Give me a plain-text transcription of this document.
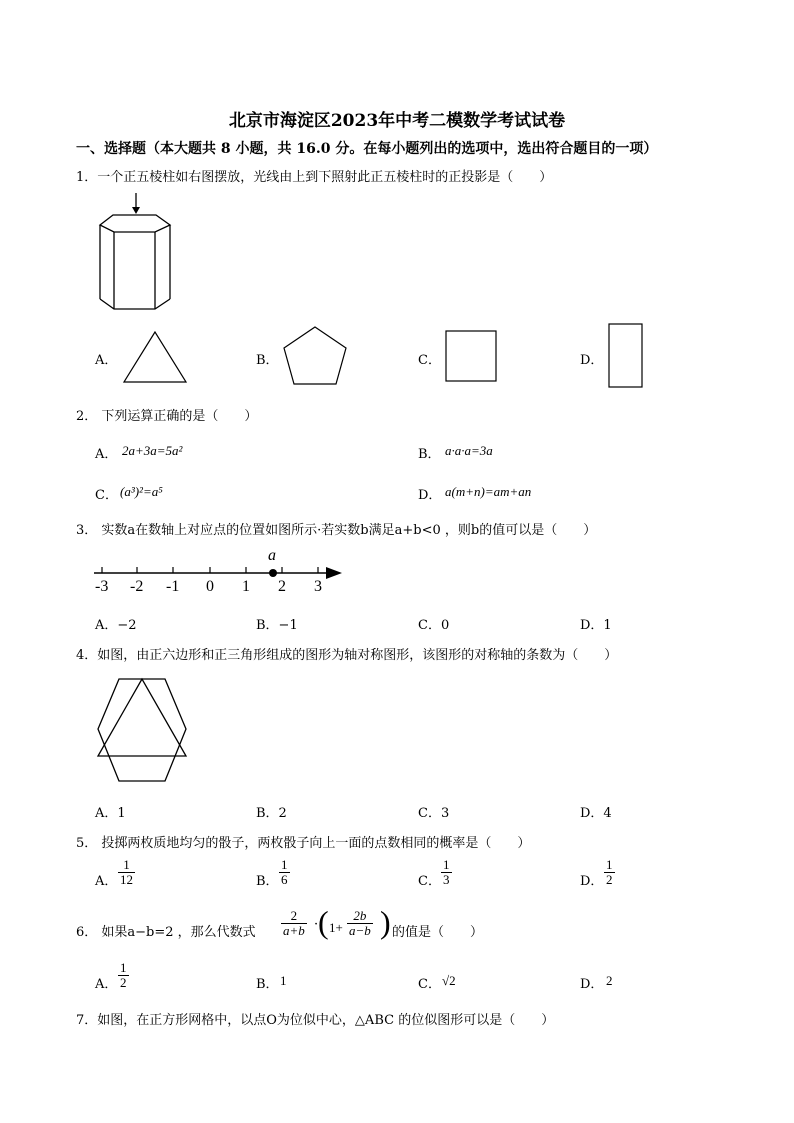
北京市海淀区2023年中考二模数学考试试卷
一、选择题（本大题共 8 小题，共 16.0 分。在每小题列出的选项中，选出符合题目的一项）
1．一个正五棱柱如右图摆放，光线由上到下照射此正五棱柱时的正投影是（　　）
A．	B．	C．	D．
2． 下列运算正确的是（　　）
A． 2a+3a=5a²	B． a·a·a=3a
C． (a³)²=a⁵	D． a(m+n)=am+an
3． 实数a在数轴上对应点的位置如图所示·若实数b满足a+b<0 ，则b的值可以是（　　）
a
-3 -2 -1 0 1 2 3
A．−2	B．−1	C．0	D．1
4．如图，由正六边形和正三角形组成的图形为轴对称图形，该图形的对称轴的条数为（　　）
A．1	B．2	C．3	D．4
5． 投掷两枚质地均匀的骰子，两枚骰子向上一面的点数相同的概率是（　　）
A． $\frac{1}{12}$	B． $\frac{1}{6}$	C． $\frac{1}{3}$	D． $\frac{1}{2}$
6． 如果a−b=2 ，那么代数式 $\frac{2}{a+b}$ · ( $1+ \frac{2b}{a-b}$ ) 的值是（　　）
A． $\frac{1}{2}$	B． 1	C． √2	D． 2
7．如图，在正方形网格中，以点O为位似中心，△ABC 的位似图形可以是（　　）
